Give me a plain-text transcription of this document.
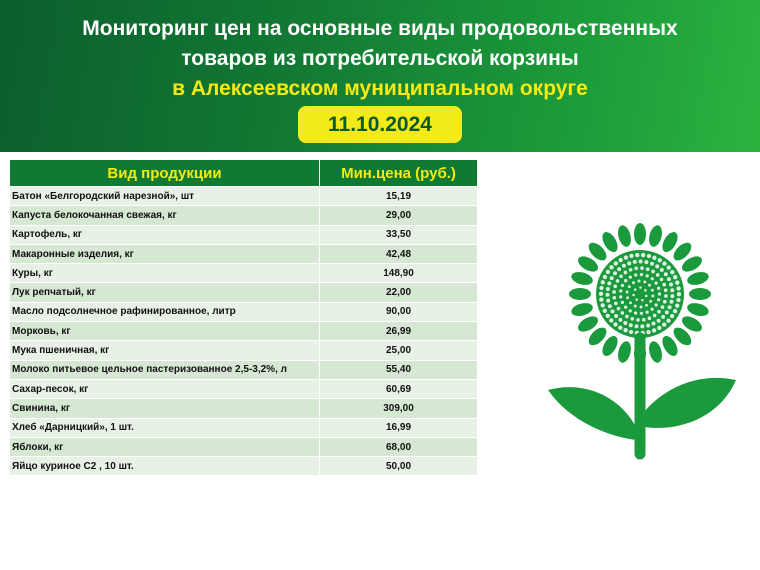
Мониторинг цен на основные виды продовольственных
товаров из потребительской корзины
в Алексеевском муниципальном округе
11.10.2024
Вид продукции	Мин.цена (руб.)
Батон «Белгородский нарезной», шт	15,19
Капуста белокочанная свежая, кг	29,00
Картофель, кг	33,50
Макаронные изделия, кг	42,48
Куры, кг	148,90
Лук репчатый, кг	22,00
Масло подсолнечное рафинированное, литр	90,00
Морковь, кг	26,99
Мука пшеничная, кг	25,00
Молоко питьевое цельное пастеризованное 2,5-3,2%, л	55,40
Сахар-песок, кг	60,69
Свинина, кг	309,00
Хлеб «Дарницкий», 1 шт.	16,99
Яблоки, кг	68,00
Яйцо куриное С2 , 10 шт.	50,00
